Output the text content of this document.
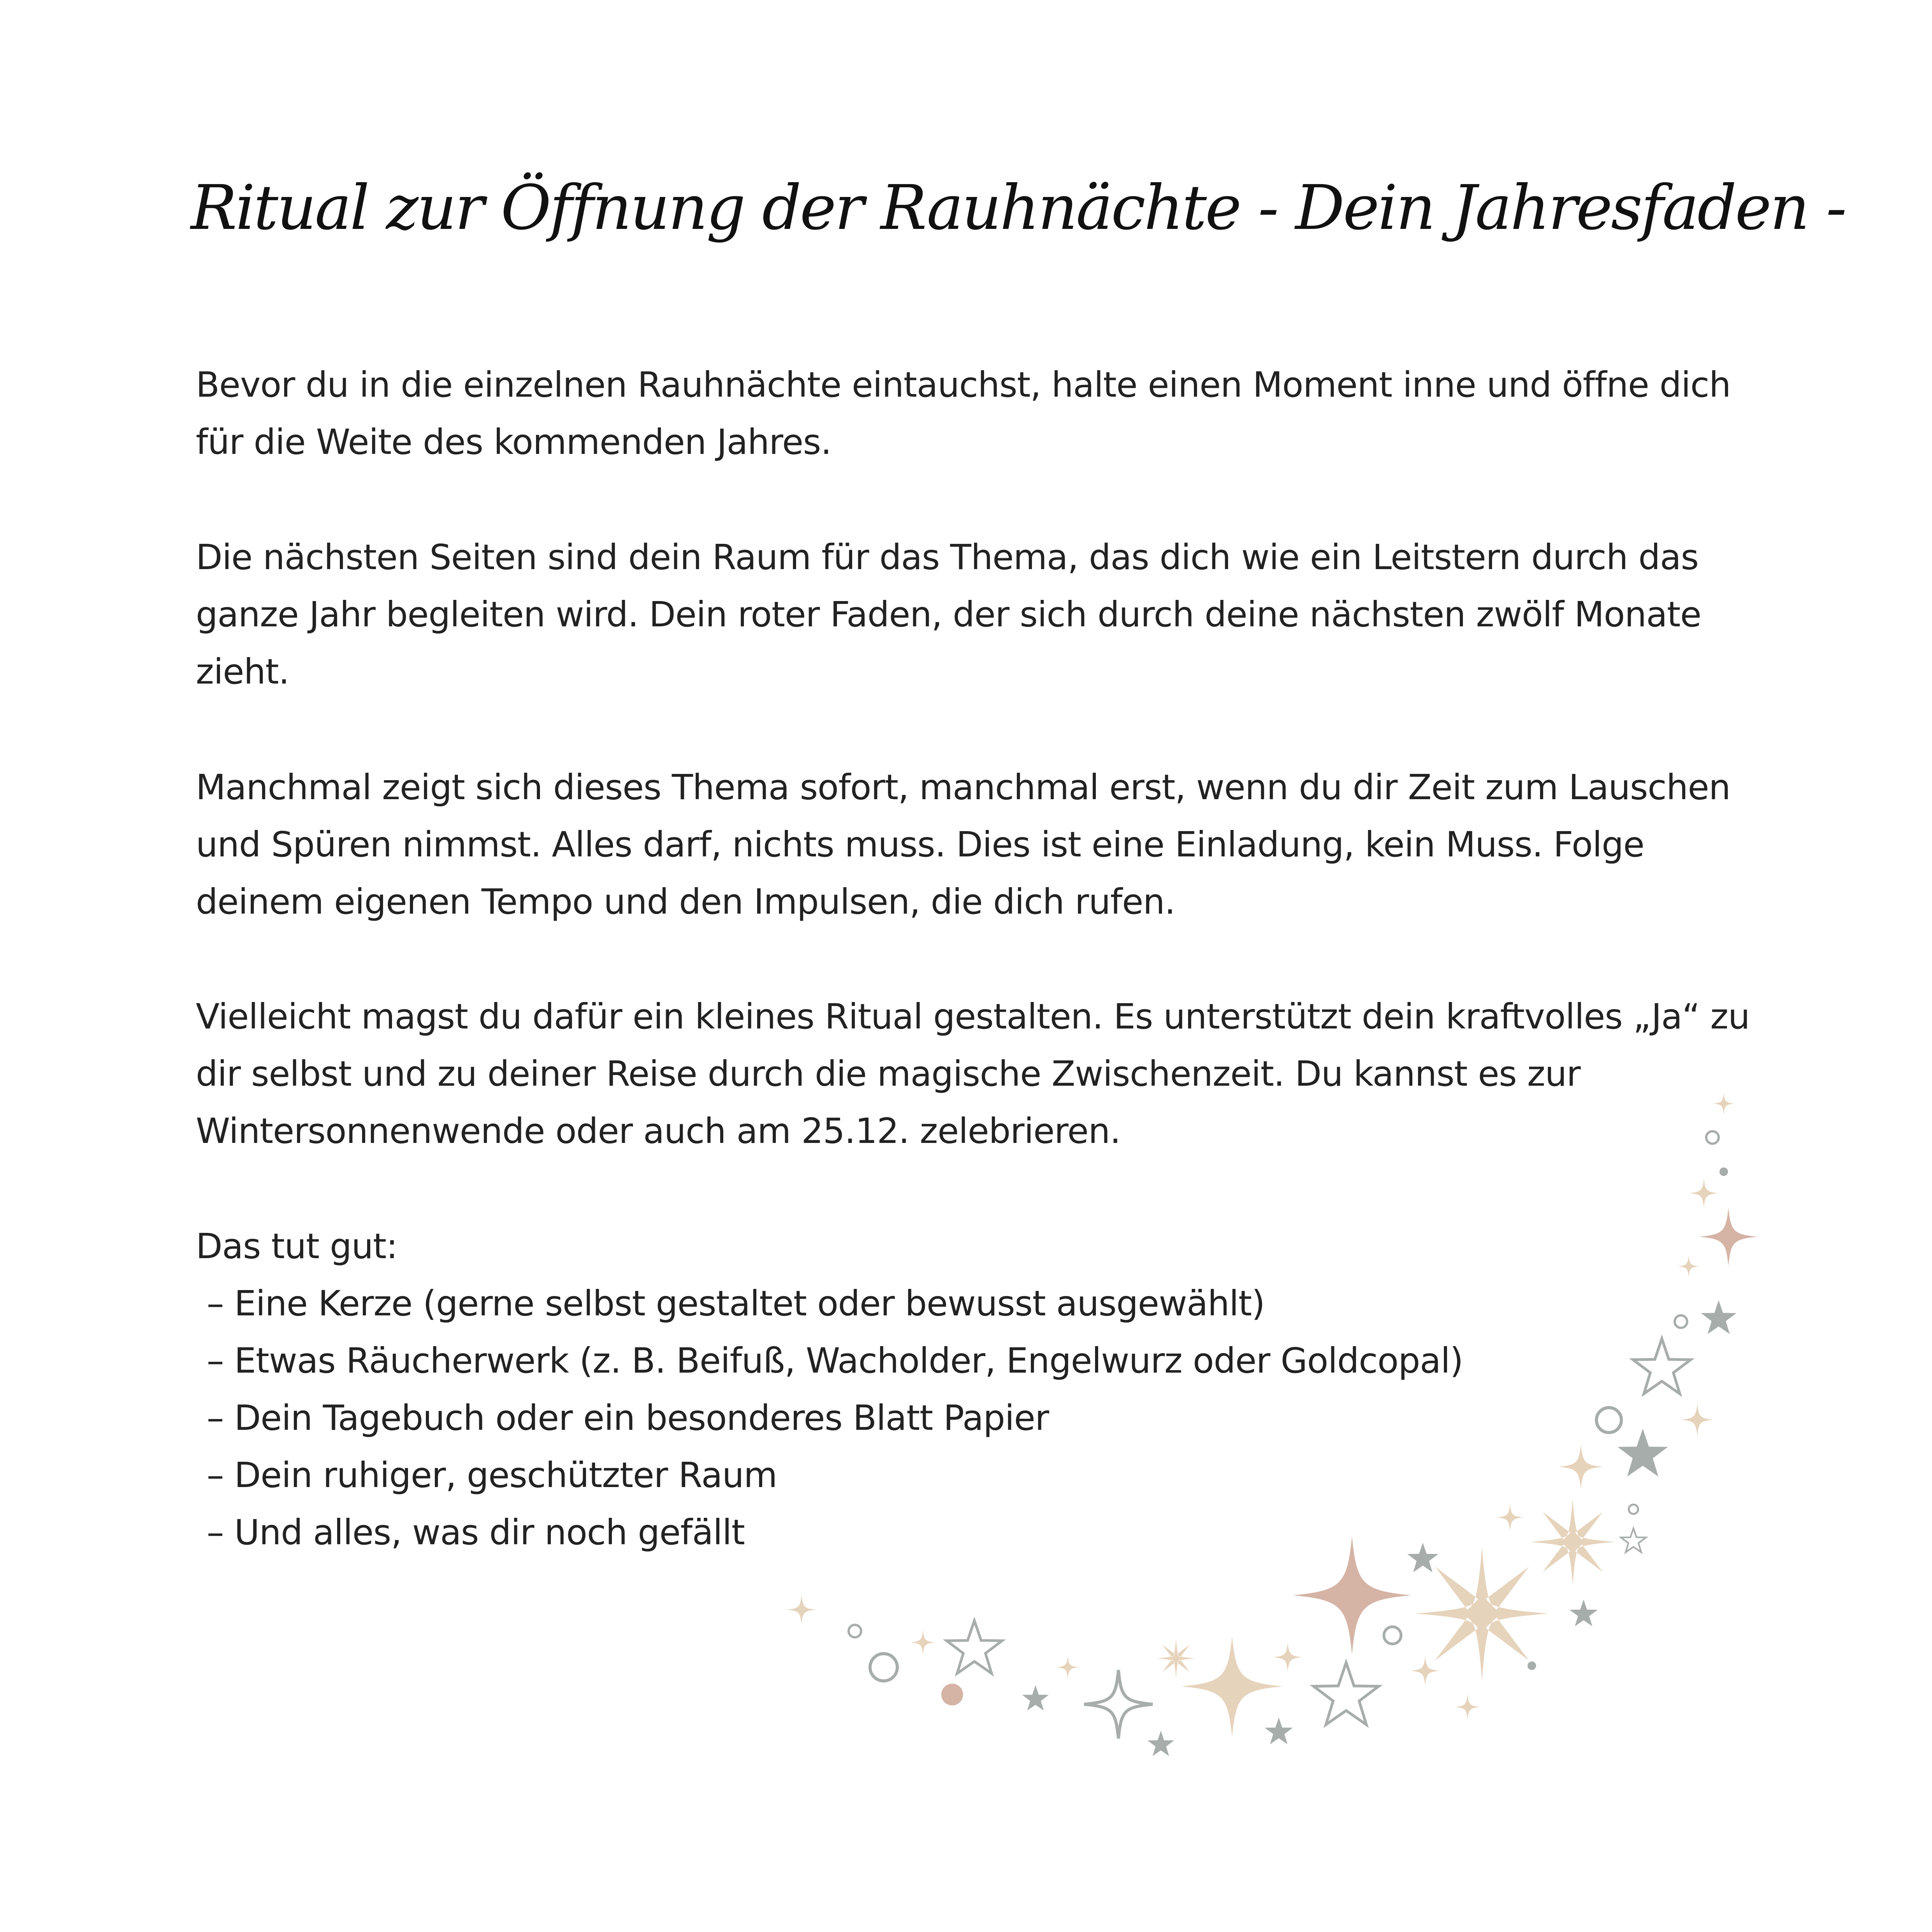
Ritual zur Öffnung der Rauhnächte - Dein Jahresfaden -

Bevor du in die einzelnen Rauhnächte eintauchst, halte einen Moment inne und öffne dich
für die Weite des kommenden Jahres.

Die nächsten Seiten sind dein Raum für das Thema, das dich wie ein Leitstern durch das
ganze Jahr begleiten wird. Dein roter Faden, der sich durch deine nächsten zwölf Monate
zieht.

Manchmal zeigt sich dieses Thema sofort, manchmal erst, wenn du dir Zeit zum Lauschen
und Spüren nimmst. Alles darf, nichts muss. Dies ist eine Einladung, kein Muss. Folge
deinem eigenen Tempo und den Impulsen, die dich rufen.

Vielleicht magst du dafür ein kleines Ritual gestalten. Es unterstützt dein kraftvolles „Ja“ zu
dir selbst und zu deiner Reise durch die magische Zwischenzeit. Du kannst es zur
Wintersonnenwende oder auch am 25.12. zelebrieren.

Das tut gut:
– Eine Kerze (gerne selbst gestaltet oder bewusst ausgewählt)
– Etwas Räucherwerk (z. B. Beifuß, Wacholder, Engelwurz oder Goldcopal)
– Dein Tagebuch oder ein besonderes Blatt Papier
– Dein ruhiger, geschützter Raum
– Und alles, was dir noch gefällt
